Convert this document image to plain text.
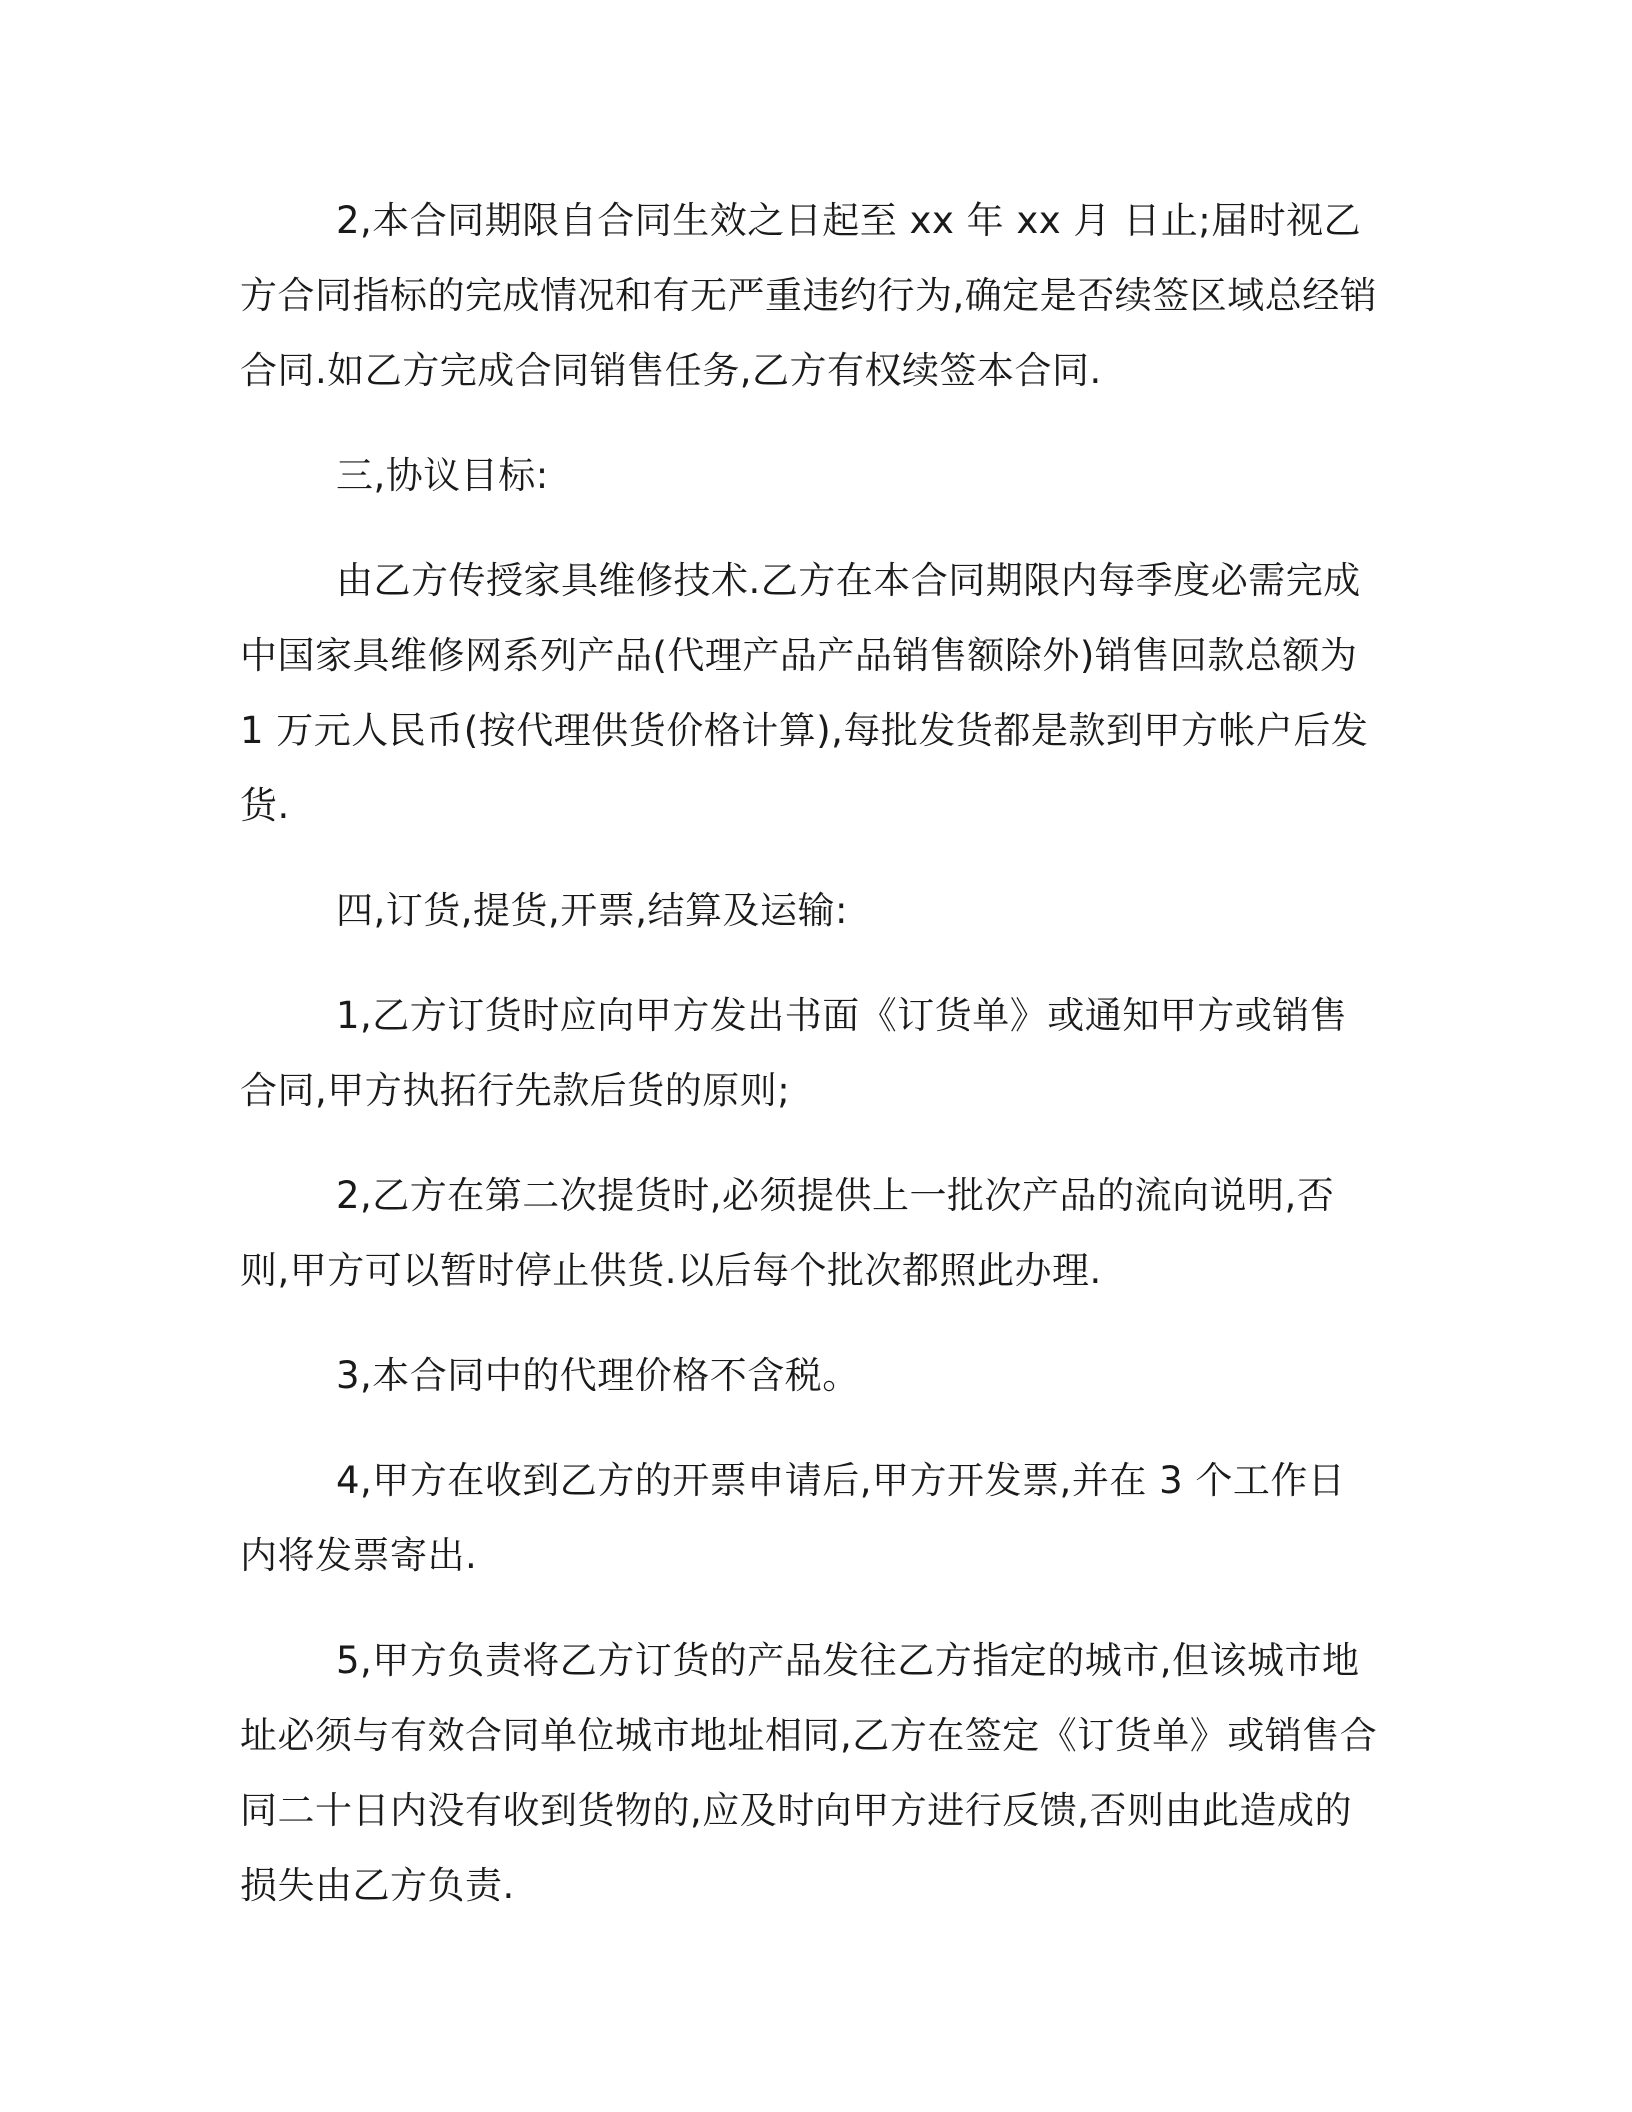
2,本合同期限自合同生效之日起至 xx 年 xx 月 日止;届时视乙方合同指标的完成情况和有无严重违约行为,确定是否续签区域总经销合同.如乙方完成合同销售任务,乙方有权续签本合同.

三,协议目标:

由乙方传授家具维修技术.乙方在本合同期限内每季度必需完成中国家具维修网系列产品(代理产品产品销售额除外)销售回款总额为 1 万元人民币(按代理供货价格计算),每批发货都是款到甲方帐户后发货.

四,订货,提货,开票,结算及运输:

1,乙方订货时应向甲方发出书面《订货单》或通知甲方或销售合同,甲方执拓行先款后货的原则;

2,乙方在第二次提货时,必须提供上一批次产品的流向说明,否则,甲方可以暂时停止供货.以后每个批次都照此办理.

3,本合同中的代理价格不含税。

4,甲方在收到乙方的开票申请后,甲方开发票,并在 3 个工作日内将发票寄出.

5,甲方负责将乙方订货的产品发往乙方指定的城市,但该城市地址必须与有效合同单位城市地址相同,乙方在签定《订货单》或销售合同二十日内没有收到货物的,应及时向甲方进行反馈,否则由此造成的损失由乙方负责.
